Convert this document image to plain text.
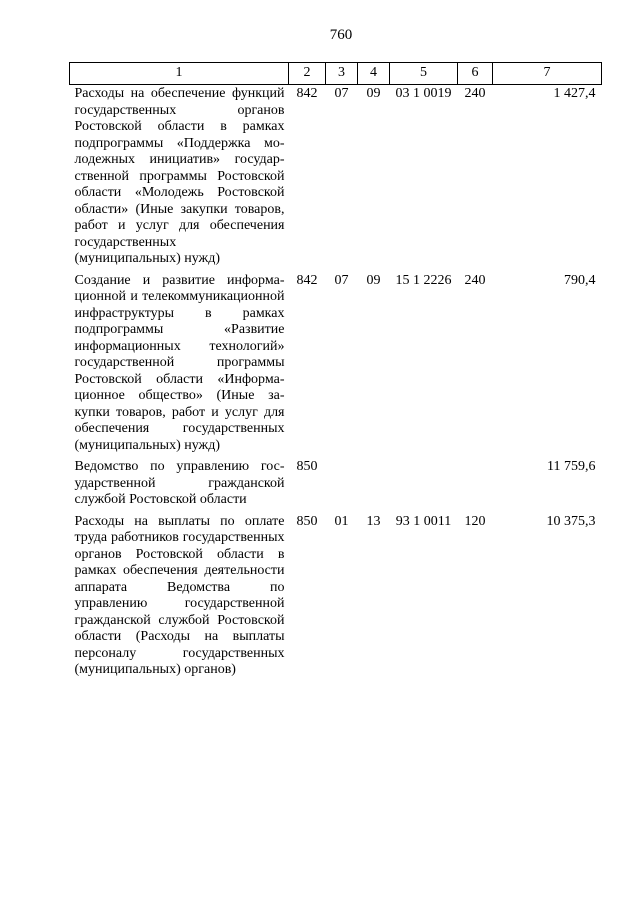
760
1	2	3	4	5	6	7
Расходы на обеспечение функций государственных органов Ростовской области в рамках подпрограммы «Поддержка молодежных инициатив» государственной программы Ростовской области «Молодежь Ростовской области» (Иные закупки товаров, работ и услуг для обеспечения государственных (муниципальных) нужд)	842	07	09	03 1 0019	240	1 427,4
Создание и развитие информационной и телекоммуникационной инфраструктуры в рамках подпрограммы «Развитие информационных технологий» государственной программы Ростовской области «Информационное общество» (Иные закупки товаров, работ и услуг для обеспечения государственных (муниципальных) нужд)	842	07	09	15 1 2226	240	790,4
Ведомство по управлению государственной гражданской службой Ростовской области	850					11 759,6
Расходы на выплаты по оплате труда работников государственных органов Ростовской области в рамках обеспечения деятельности аппарата Ведомства по управлению государственной гражданской службой Ростовской области (Расходы на выплаты персоналу государственных (муниципальных) органов)	850	01	13	93 1 0011	120	10 375,3
